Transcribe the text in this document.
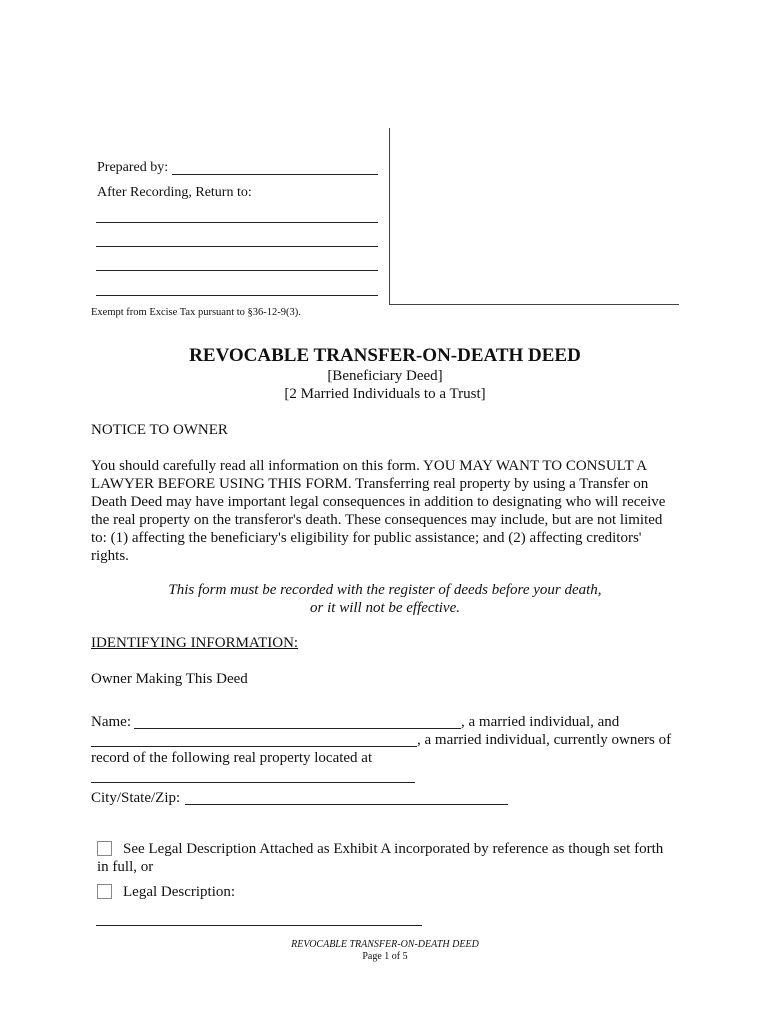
Prepared by:
After Recording, Return to:
Exempt from Excise Tax pursuant to §36-12-9(3).
REVOCABLE TRANSFER-ON-DEATH DEED
[Beneficiary Deed]
[2 Married Individuals to a Trust]
NOTICE TO OWNER
You should carefully read all information on this form. YOU MAY WANT TO CONSULT A
LAWYER BEFORE USING THIS FORM. Transferring real property by using a Transfer on
Death Deed may have important legal consequences in addition to designating who will receive
the real property on the transferor's death. These consequences may include, but are not limited
to: (1) affecting the beneficiary's eligibility for public assistance; and (2) affecting creditors'
rights.
This form must be recorded with the register of deeds before your death,
or it will not be effective.
IDENTIFYING INFORMATION:
Owner Making This Deed
Name:	, a married individual, and
, a married individual, currently owners of
record of the following real property located at
City/State/Zip:
See Legal Description Attached as Exhibit A incorporated by reference as though set forth
in full, or
Legal Description:
REVOCABLE TRANSFER-ON-DEATH DEED
Page 1 of 5
